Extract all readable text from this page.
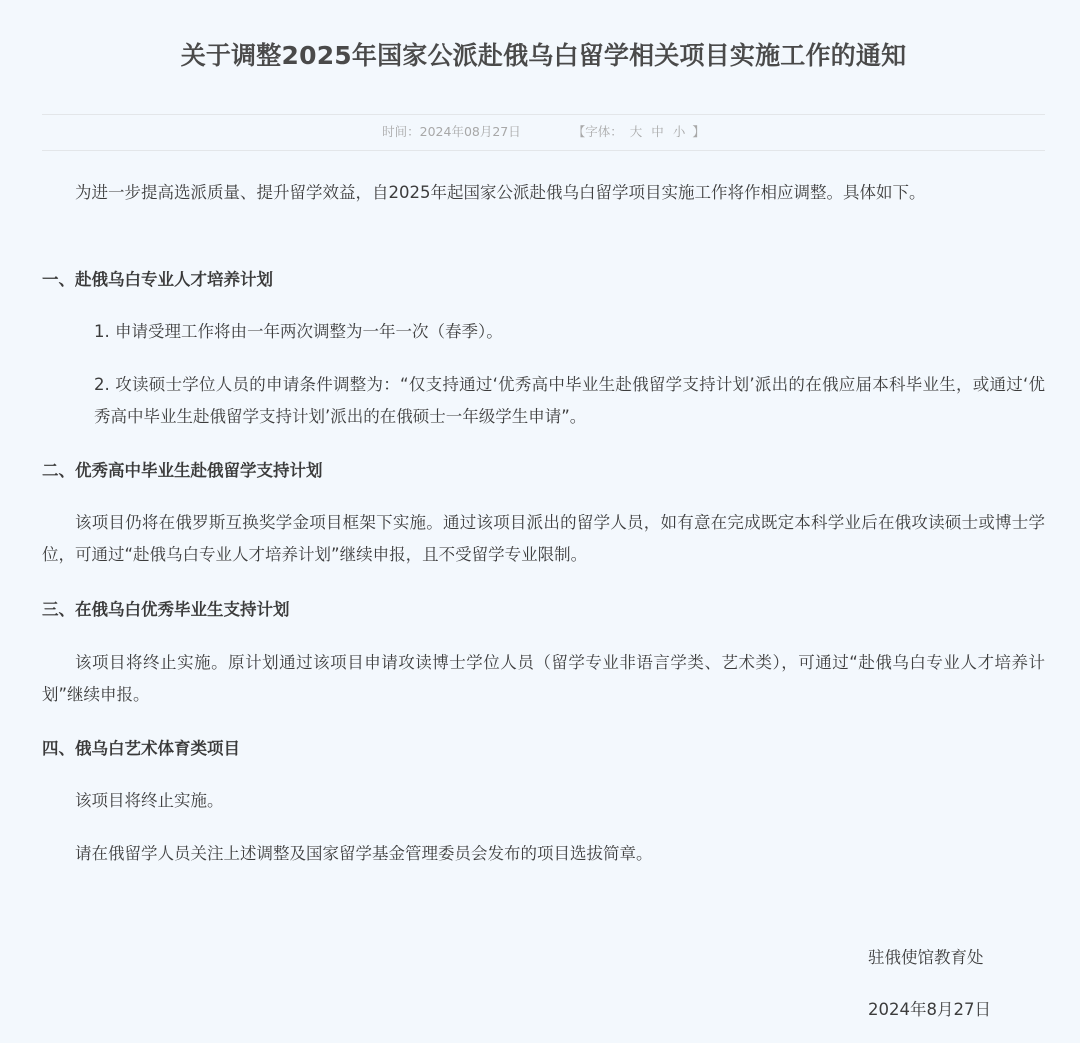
关于调整2025年国家公派赴俄乌白留学相关项目实施工作的通知
时间：2024年08月27日	【字体： 大 中 小 】

为进一步提高选派质量、提升留学效益，自2025年起国家公派赴俄乌白留学项目实施工作将作相应调整。具体如下。

一、赴俄乌白专业人才培养计划

1. 申请受理工作将由一年两次调整为一年一次（春季）。

2. 攻读硕士学位人员的申请条件调整为：“仅支持通过‘优秀高中毕业生赴俄留学支持计划’派出的在俄应届本科毕业生，或通过‘优秀高中毕业生赴俄留学支持计划’派出的在俄硕士一年级学生申请”。

二、优秀高中毕业生赴俄留学支持计划

该项目仍将在俄罗斯互换奖学金项目框架下实施。通过该项目派出的留学人员，如有意在完成既定本科学业后在俄攻读硕士或博士学位，可通过“赴俄乌白专业人才培养计划”继续申报，且不受留学专业限制。

三、在俄乌白优秀毕业生支持计划

该项目将终止实施。原计划通过该项目申请攻读博士学位人员（留学专业非语言学类、艺术类），可通过“赴俄乌白专业人才培养计划”继续申报。

四、俄乌白艺术体育类项目

该项目将终止实施。

请在俄留学人员关注上述调整及国家留学基金管理委员会发布的项目选拔简章。

驻俄使馆教育处

2024年8月27日
